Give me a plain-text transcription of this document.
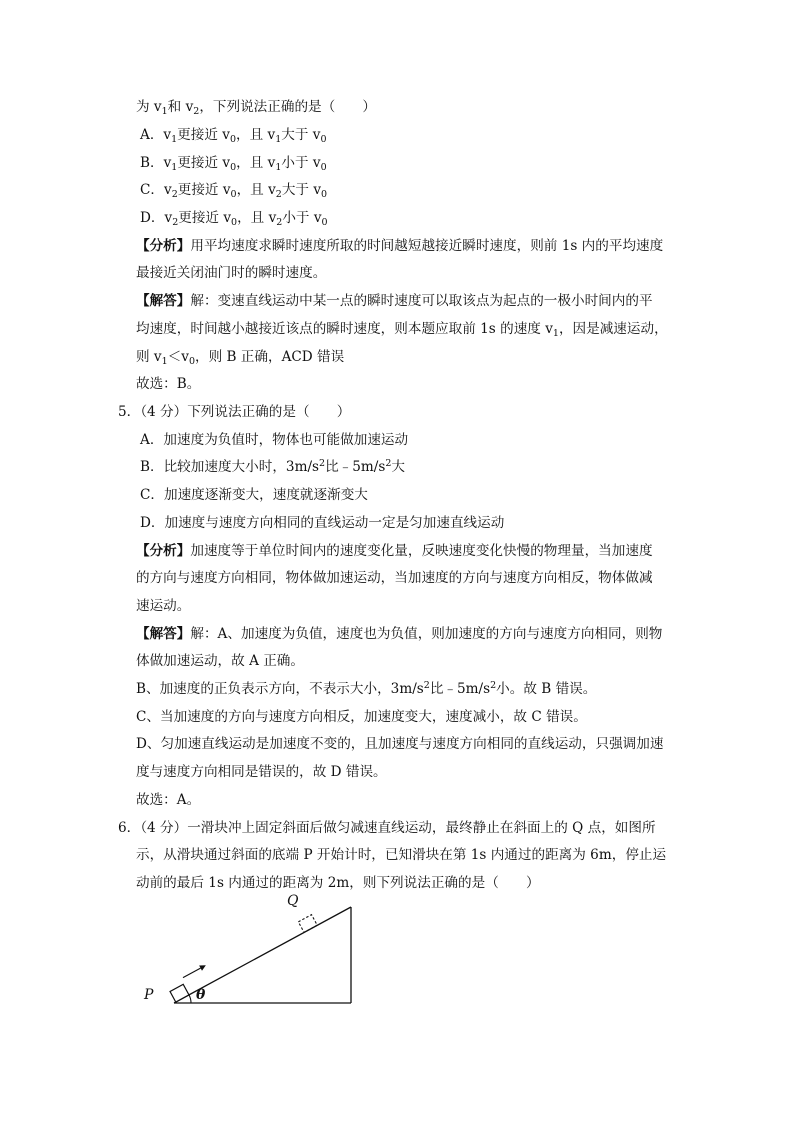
为 $v_1$和 $v_2$，下列说法正确的是（　　）
A．$v_1$更接近 $v_0$，且 $v_1$大于 $v_0$
B．$v_1$更接近 $v_0$，且 $v_1$小于 $v_0$
C．$v_2$更接近 $v_0$，且 $v_2$大于 $v_0$
D．$v_2$更接近 $v_0$，且 $v_2$小于 $v_0$
【分析】用平均速度求瞬时速度所取的时间越短越接近瞬时速度，则前 1s 内的平均速度
最接近关闭油门时的瞬时速度。
【解答】解：变速直线运动中某一点的瞬时速度可以取该点为起点的一极小时间内的平
均速度，时间越小越接近该点的瞬时速度，则本题应取前 1s 的速度 $v_1$，因是减速运动，
则 $v_1<v_0$，则 B 正确，ACD 错误
故选：B。
5．（4 分）下列说法正确的是（　　）
A．加速度为负值时，物体也可能做加速运动
B．比较加速度大小时，$3m/s^2$比$﹣5m/s^2$大
C．加速度逐渐变大，速度就逐渐变大
D．加速度与速度方向相同的直线运动一定是匀加速直线运动
【分析】加速度等于单位时间内的速度变化量，反映速度变化快慢的物理量，当加速度
的方向与速度方向相同，物体做加速运动，当加速度的方向与速度方向相反，物体做减
速运动。
【解答】解：A、加速度为负值，速度也为负值，则加速度的方向与速度方向相同，则物
体做加速运动，故 A 正确。
B、加速度的正负表示方向，不表示大小，$3m/s^2$比$﹣5m/s^2$小。故 B 错误。
C、当加速度的方向与速度方向相反，加速度变大，速度减小，故 C 错误。
D、匀加速直线运动是加速度不变的，且加速度与速度方向相同的直线运动，只强调加速
度与速度方向相同是错误的，故 D 错误。
故选：A。
6．（4 分）一滑块冲上固定斜面后做匀减速直线运动，最终静止在斜面上的 Q 点，如图所
示，从滑块通过斜面的底端 P 开始计时，已知滑块在第 1s 内通过的距离为 6m，停止运
动前的最后 1s 内通过的距离为 2m，则下列说法正确的是（　　）
P
Q
θ
